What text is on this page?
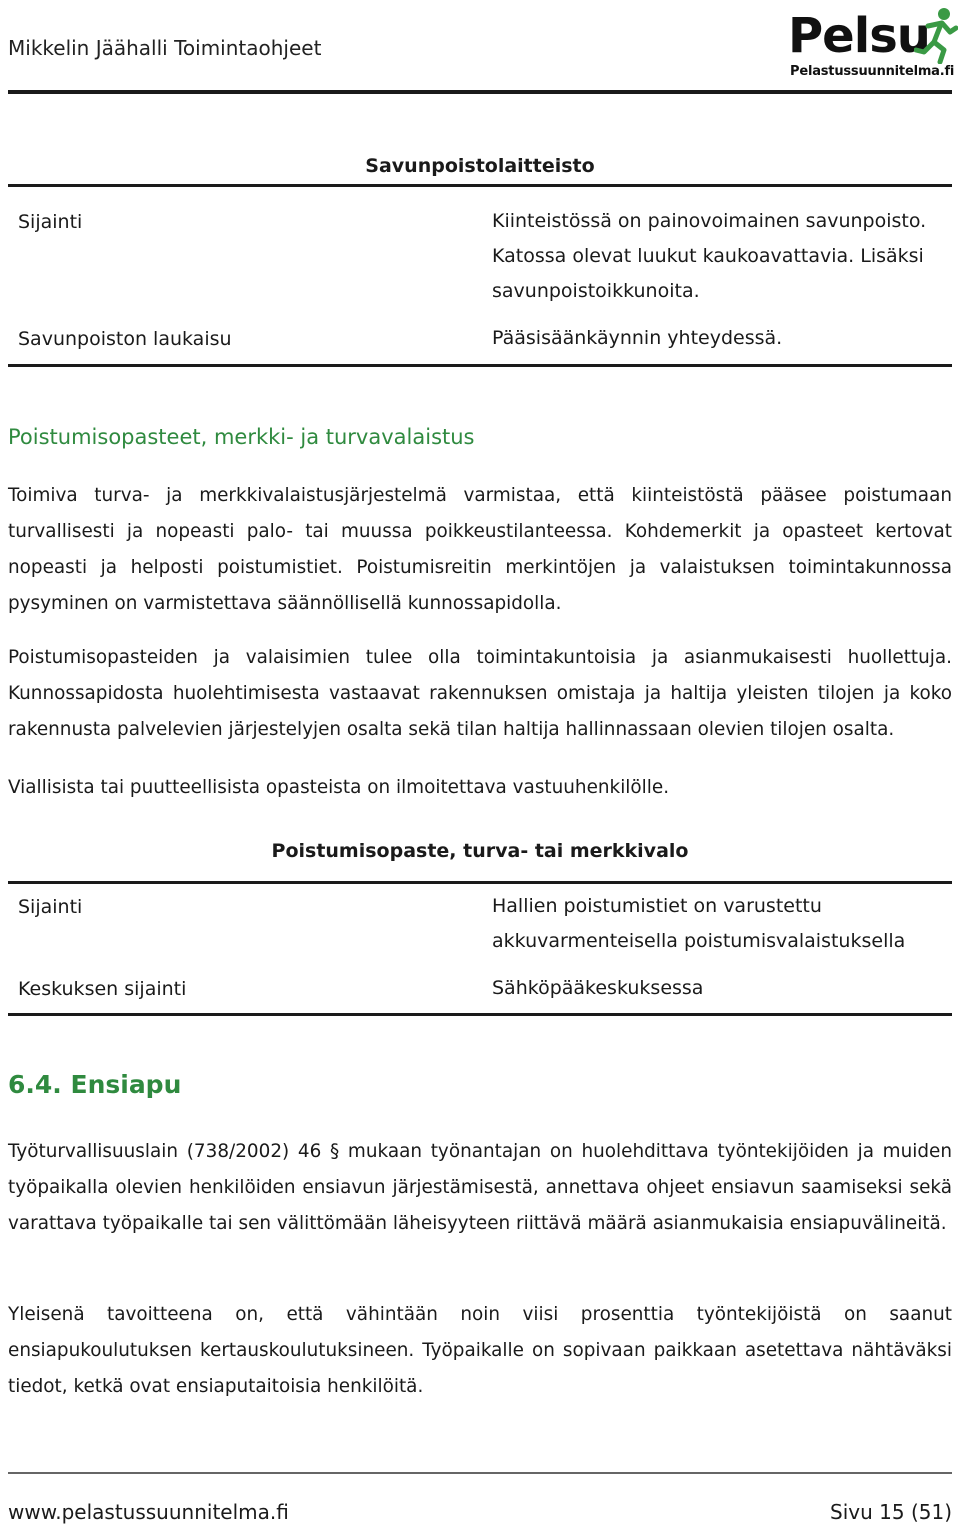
Mikkelin Jäähalli Toimintaohjeet	Pelsu
Pelastussuunnitelma.fi
Savunpoistolaitteisto
Sijainti	Kiinteistössä on painovoimainen savunpoisto. Katossa olevat luukut kaukoavattavia. Lisäksi savunpoistoikkunoita.
Savunpoiston laukaisu	Pääsisäänkäynnin yhteydessä.
Poistumisopasteet, merkki- ja turvavalaistus
Toimiva turva- ja merkkivalaistusjärjestelmä varmistaa, että kiinteistöstä pääsee poistumaan turvallisesti ja nopeasti palo- tai muussa poikkeustilanteessa. Kohdemerkit ja opasteet kertovat nopeasti ja helposti poistumistiet. Poistumisreitin merkintöjen ja valaistuksen toimintakunnossa pysyminen on varmistettava säännöllisellä kunnossapidolla.
Poistumisopasteiden ja valaisimien tulee olla toimintakuntoisia ja asianmukaisesti huollettuja. Kunnossapidosta huolehtimisesta vastaavat rakennuksen omistaja ja haltija yleisten tilojen ja koko rakennusta palvelevien järjestelyjen osalta sekä tilan haltija hallinnassaan olevien tilojen osalta.
Viallisista tai puutteellisista opasteista on ilmoitettava vastuuhenkilölle.
Poistumisopaste, turva- tai merkkivalo
Sijainti	Hallien poistumistiet on varustettu akkuvarmenteisella poistumisvalaistuksella
Keskuksen sijainti	Sähköpääkeskuksessa
6.4. Ensiapu
Työturvallisuuslain (738/2002) 46 § mukaan työnantajan on huolehdittava työntekijöiden ja muiden työpaikalla olevien henkilöiden ensiavun järjestämisestä, annettava ohjeet ensiavun saamiseksi sekä varattava työpaikalle tai sen välittömään läheisyyteen riittävä määrä asianmukaisia ensiapuvälineitä.
Yleisenä tavoitteena on, että vähintään noin viisi prosenttia työntekijöistä on saanut ensiapukoulutuksen kertauskoulutuksineen. Työpaikalle on sopivaan paikkaan asetettava nähtäväksi tiedot, ketkä ovat ensiaputaitoisia henkilöitä.
www.pelastussuunnitelma.fi	Sivu 15 (51)
